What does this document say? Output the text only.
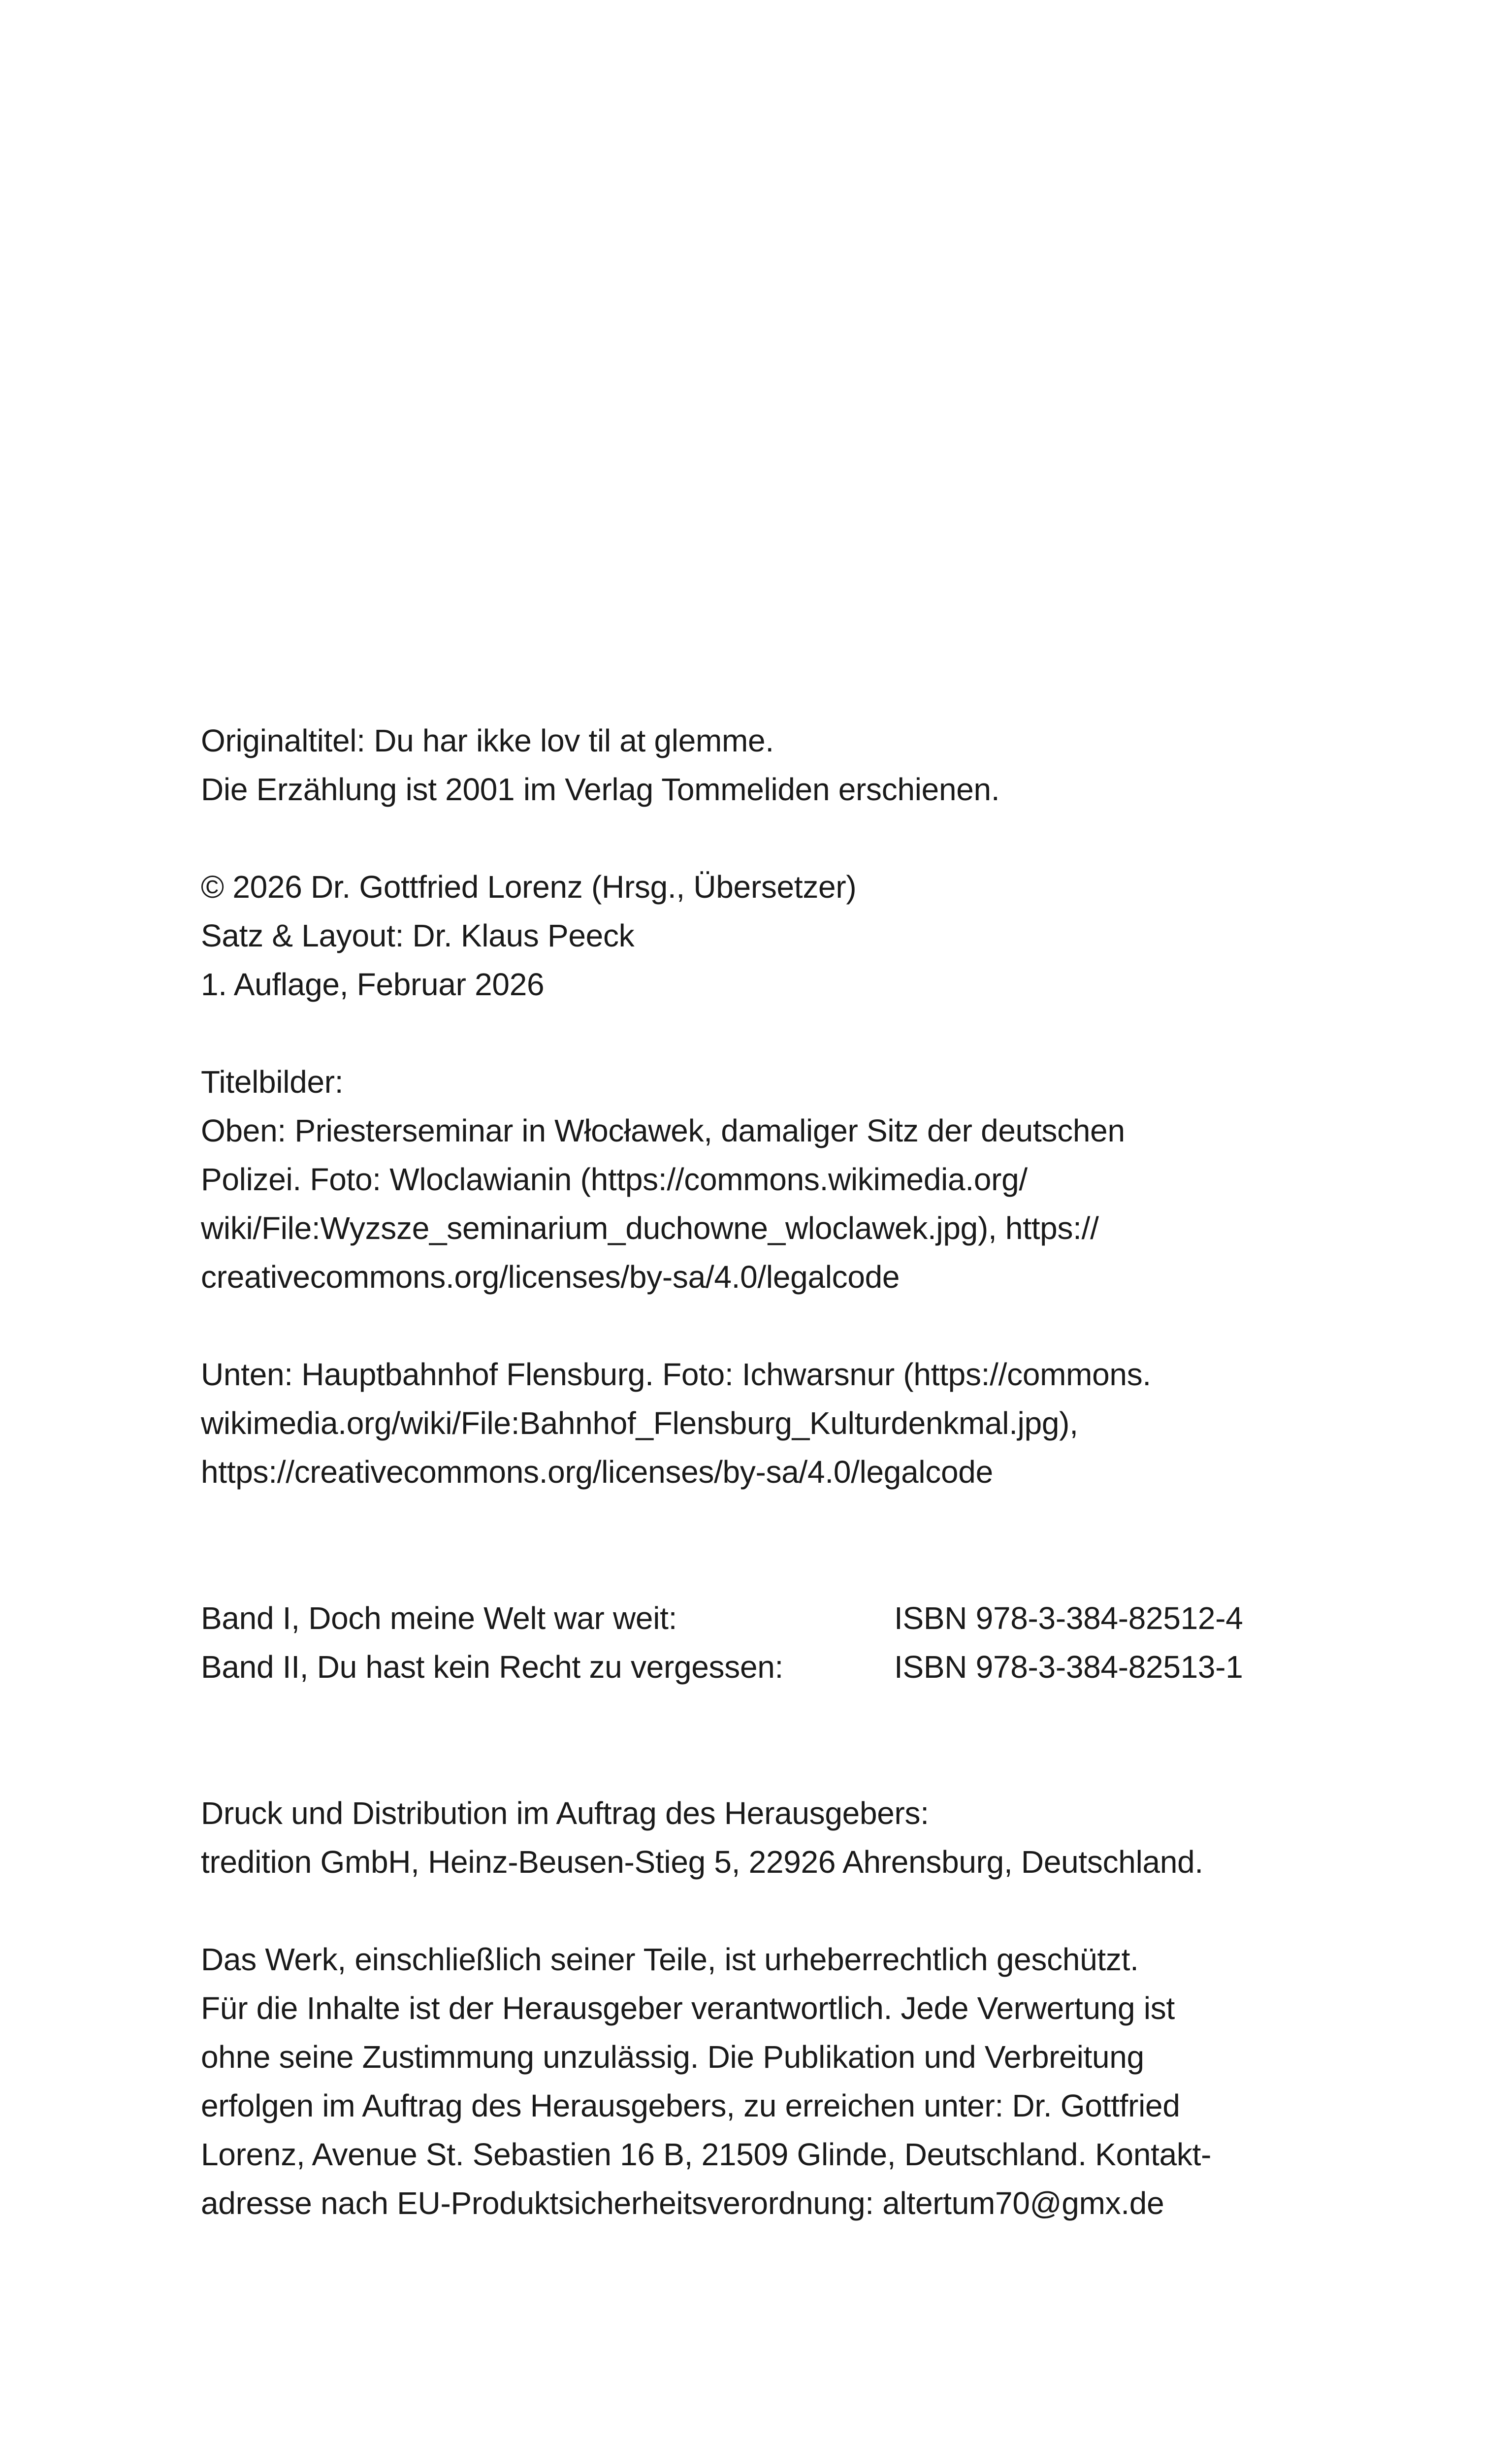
Originaltitel: Du har ikke lov til at glemme.
Die Erzählung ist 2001 im Verlag Tommeliden erschienen.
© 2026 Dr. Gottfried Lorenz (Hrsg., Übersetzer)
Satz & Layout: Dr. Klaus Peeck
1. Auflage, Februar 2026
Titelbilder:
Oben: Priesterseminar in Włocławek, damaliger Sitz der deutschen
Polizei. Foto: Wloclawianin (https://commons.wikimedia.org/
wiki/File:Wyzsze_seminarium_duchowne_wloclawek.jpg), https://
creativecommons.org/licenses/by-sa/4.0/legalcode
Unten: Hauptbahnhof Flensburg. Foto: Ichwarsnur (https://commons.
wikimedia.org/wiki/File:Bahnhof_Flensburg_Kulturdenkmal.jpg),
https://creativecommons.org/licenses/by-sa/4.0/legalcode
Band I, Doch meine Welt war weit:	ISBN 978-3-384-82512-4
Band II, Du hast kein Recht zu vergessen:	ISBN 978-3-384-82513-1
Druck und Distribution im Auftrag des Herausgebers:
tredition GmbH, Heinz-Beusen-Stieg 5, 22926 Ahrensburg, Deutschland.
Das Werk, einschließlich seiner Teile, ist urheberrechtlich geschützt.
Für die Inhalte ist der Herausgeber verantwortlich. Jede Verwertung ist
ohne seine Zustimmung unzulässig. Die Publikation und Verbreitung
erfolgen im Auftrag des Herausgebers, zu erreichen unter: Dr. Gottfried
Lorenz, Avenue St. Sebastien 16 B, 21509 Glinde, Deutschland. Kontakt-
adresse nach EU-Produktsicherheitsverordnung: altertum70@gmx.de
